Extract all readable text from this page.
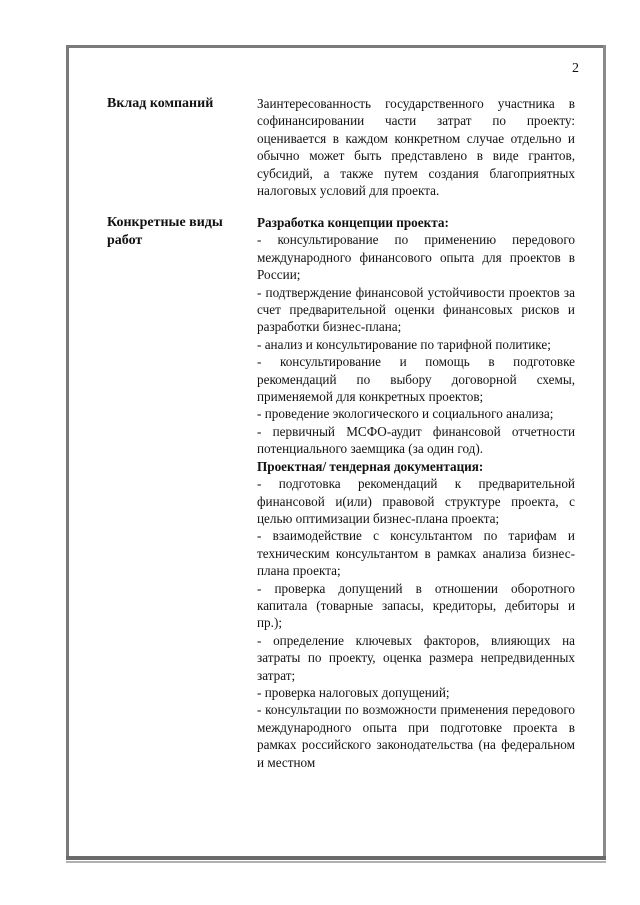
2
Вклад компаний	Заинтересованность государственного участника в софинансировании части затрат по проекту: оценивается в каждом конкретном случае отдельно и обычно может быть представлено в виде грантов, субсидий, а также путем создания благоприятных налоговых условий для проекта.

Конкретные виды работ

Разработка концепции проекта:

- консультирование по применению передового международного финансового опыта для проектов в России;

- подтверждение финансовой устойчивости проектов за счет предварительной оценки финансовых рисков и разработки бизнес-плана;

- анализ и консультирование по тарифной политике;

- консультирование и помощь в подготовке рекомендаций по выбору договорной схемы, применяемой для конкретных проектов;

- проведение экологического и социального анализа;

- первичный МСФО-аудит финансовой отчетности потенциального заемщика (за один год).

Проектная/ тендерная документация:

- подготовка рекомендаций к предварительной финансовой и(или) правовой структуре проекта, с целью оптимизации бизнес-плана проекта;

- взаимодействие с консультантом по тарифам и техническим консультантом в рамках анализа бизнес-плана проекта;

- проверка допущений в отношении оборотного капитала (товарные запасы, кредиторы, дебиторы и пр.);

- определение ключевых факторов, влияющих на затраты по проекту, оценка размера непредвиденных затрат;

- проверка налоговых допущений;

- консультации по возможности применения передового международного опыта при подготовке проекта в рамках российского законодательства (на федеральном и местном
